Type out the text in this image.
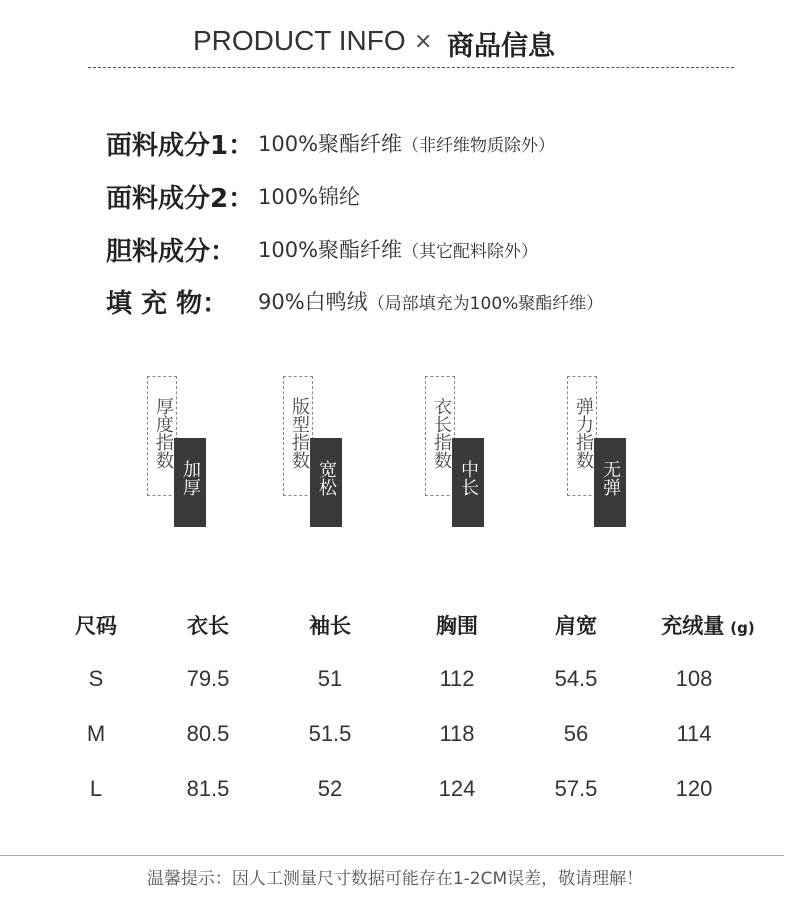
PRODUCT INFO × 商品信息
面料成分1： 100%聚酯纤维（非纤维物质除外）
面料成分2： 100%锦纶
胆料成分： 100%聚酯纤维（其它配料除外）
填 充 物： 90%白鸭绒（局部填充为100%聚酯纤维）
厚度指数
加厚
版型指数
宽松
衣长指数
中长
弹力指数
无弹
尺码	衣长	袖长	胸围	肩宽	充绒量 (g)
S	79.5	51	112	54.5	108
M	80.5	51.5	118	56	114
L	81.5	52	124	57.5	120
温馨提示：因人工测量尺寸数据可能存在1-2CM误差，敬请理解！
